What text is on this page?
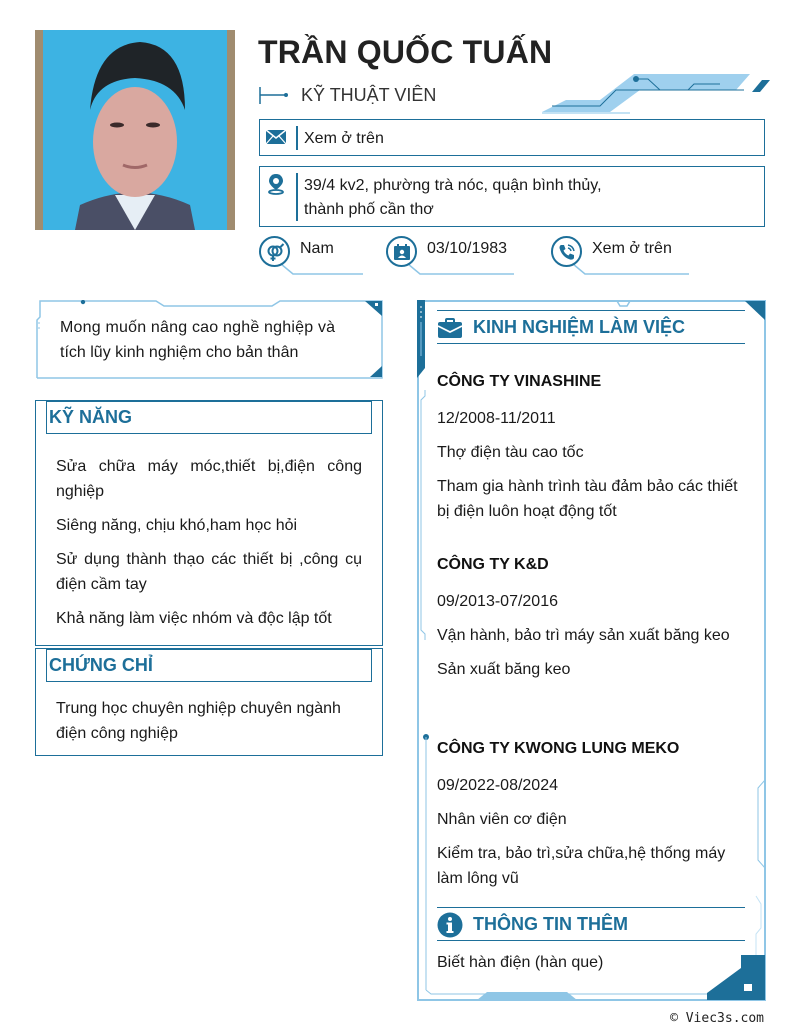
TRẦN QUỐC TUẤN
KỸ THUẬT VIÊN
Xem ở trên
39/4 kv2, phường trà nóc, quận bình thủy,
thành phố cần thơ
Nam	03/10/1983	Xem ở trên
Mong muốn nâng cao nghề nghiệp và
tích lũy kinh nghiệm cho bản thân
KỸ NĂNG

Sửa chữa máy móc,thiết bị,điện công nghiệp

Siêng năng, chịu khó,ham học hỏi

Sử dụng thành thạo các thiết bị ,công cụ điện cầm tay

Khả năng làm việc nhóm và độc lập tốt

CHỨNG CHỈ

Trung học chuyên nghiệp chuyên ngành điện công nghiệp

KINH NGHIỆM LÀM VIỆC
CÔNG TY VINASHINE

12/2008-11/2011

Thợ điện tàu cao tốc

Tham gia hành trình tàu đảm bảo các thiết bị điện luôn hoạt động tốt

CÔNG TY K&D

09/2013-07/2016

Vận hành, bảo trì máy sản xuất băng keo

Sản xuất băng keo

CÔNG TY KWONG LUNG MEKO

09/2022-08/2024

Nhân viên cơ điện

Kiểm tra, bảo trì,sửa chữa,hệ thống máy làm lông vũ

THÔNG TIN THÊM
Biết hàn điện (hàn que)
© Viec3s.com
